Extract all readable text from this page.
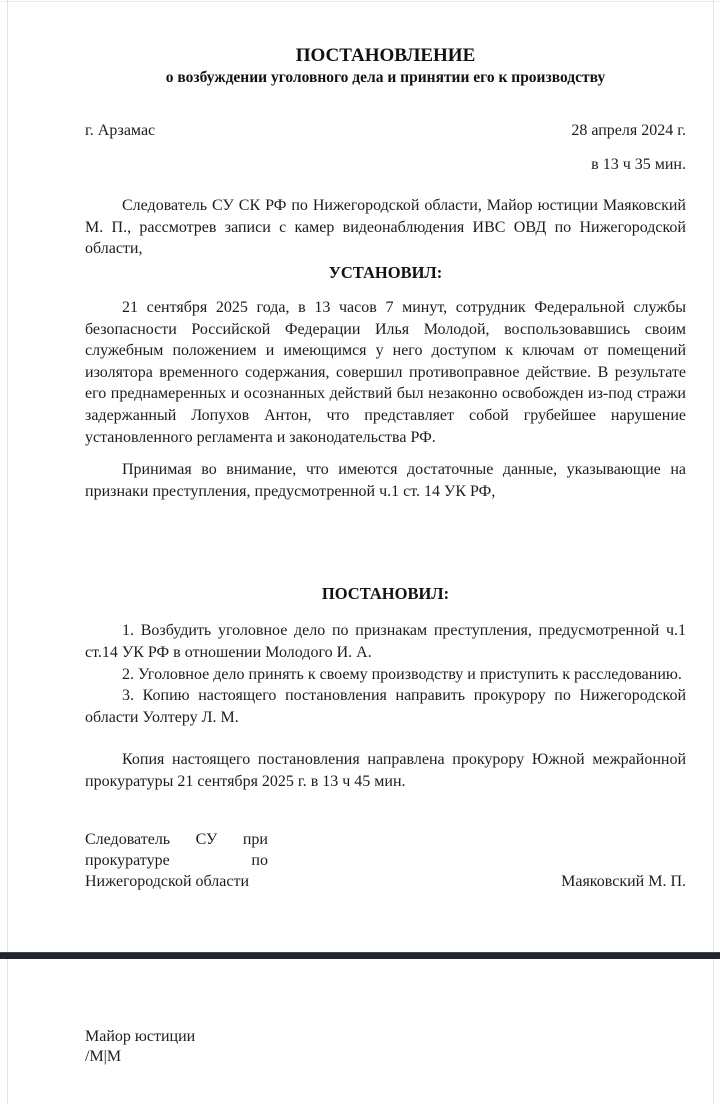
ПОСТАНОВЛЕНИЕ
о возбуждении уголовного дела и принятии его к производству
г. Арзамас	28 апреля 2024 г.
в 13 ч 35 мин.

Следователь СУ СК РФ по Нижегородской области, Майор юстиции Маяковский М. П., рассмотрев записи с камер видеонаблюдения ИВС ОВД по Нижегородской области,

УСТАНОВИЛ:

21 сентября 2025 года, в 13 часов 7 минут, сотрудник Федеральной службы безопасности Российской Федерации Илья Молодой, воспользовавшись своим служебным положением и имеющимся у него доступом к ключам от помещений изолятора временного содержания, совершил противоправное действие. В результате его преднамеренных и осознанных действий был незаконно освобожден из-под стражи задержанный Лопухов Антон, что представляет собой грубейшее нарушение установленного регламента и законодательства РФ.

Принимая во внимание, что имеются достаточные данные, указывающие на признаки преступления, предусмотренной ч.1 ст. 14 УК РФ,

ПОСТАНОВИЛ:

1. Возбудить уголовное дело по признакам преступления, предусмотренной ч.1 ст.14 УК РФ в отношении Молодого И. А.

2. Уголовное дело принять к своему производству и приступить к расследованию.

3. Копию настоящего постановления направить прокурору по Нижегородской области Уолтеру Л. М.

Копия настоящего постановления направлена прокурору Южной межрайонной прокуратуры 21 сентября 2025 г. в 13 ч 45 мин.

Следователь СУ при
прокуратуре по
Нижегородской области	Маяковский М. П.
Майор юстиции
/М|М
